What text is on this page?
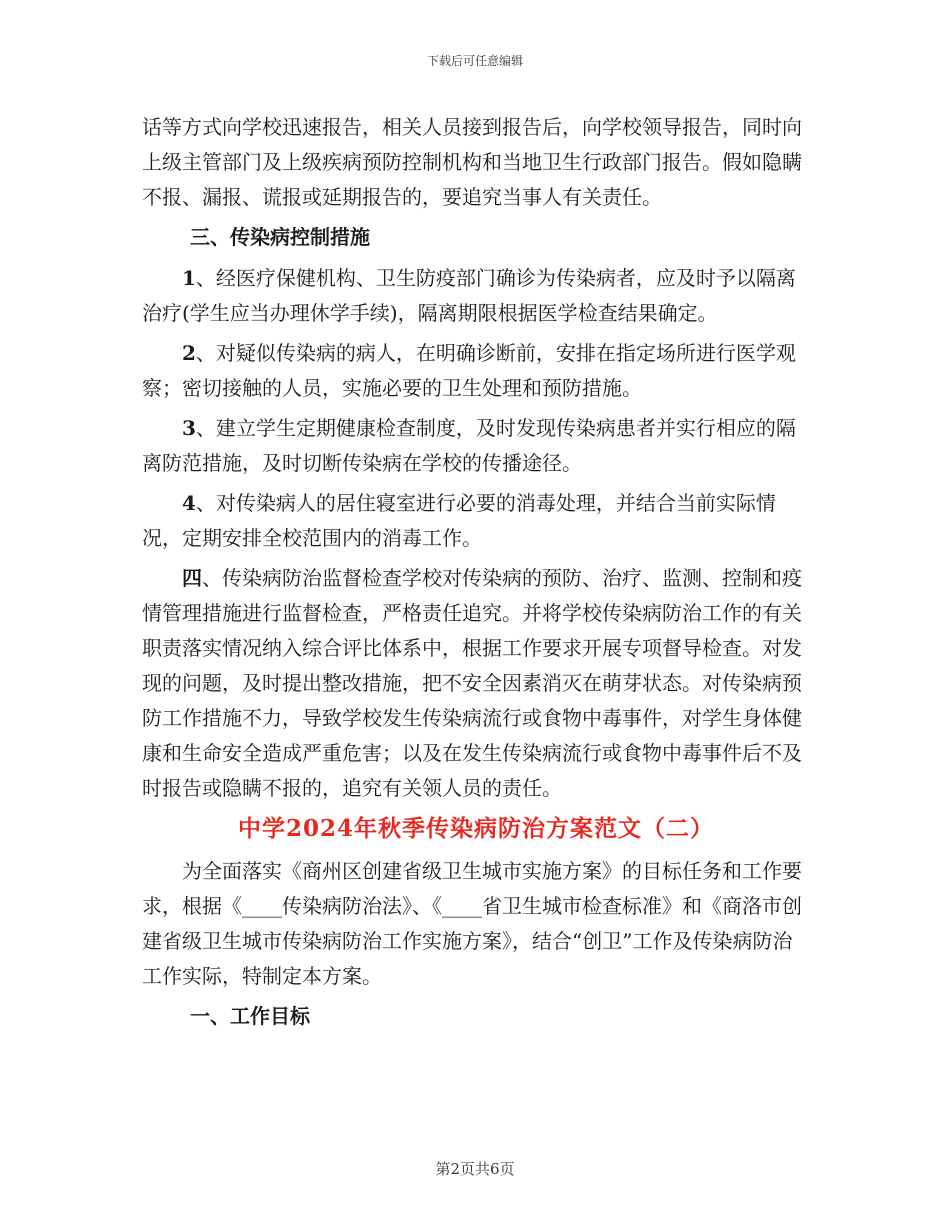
下载后可任意编辑

话等方式向学校迅速报告，相关人员接到报告后，向学校领导报告，同时向上级主管部门及上级疾病预防控制机构和当地卫生行政部门报告。假如隐瞒不报、漏报、谎报或延期报告的，要追究当事人有关责任。

三、传染病控制措施

1、经医疗保健机构、卫生防疫部门确诊为传染病者，应及时予以隔离治疗(学生应当办理休学手续)，隔离期限根据医学检查结果确定。

2、对疑似传染病的病人，在明确诊断前，安排在指定场所进行医学观察；密切接触的人员，实施必要的卫生处理和预防措施。

3、建立学生定期健康检查制度，及时发现传染病患者并实行相应的隔离防范措施，及时切断传染病在学校的传播途径。

4、对传染病人的居住寝室进行必要的消毒处理，并结合当前实际情况，定期安排全校范围内的消毒工作。

四、传染病防治监督检查学校对传染病的预防、治疗、监测、控制和疫情管理措施进行监督检查，严格责任追究。并将学校传染病防治工作的有关职责落实情况纳入综合评比体系中，根据工作要求开展专项督导检查。对发现的问题，及时提出整改措施，把不安全因素消灭在萌芽状态。对传染病预防工作措施不力，导致学校发生传染病流行或食物中毒事件，对学生身体健康和生命安全造成严重危害；以及在发生传染病流行或食物中毒事件后不及时报告或隐瞒不报的，追究有关领人员的责任。

中学2024年秋季传染病防治方案范文（二）

为全面落实《商州区创建省级卫生城市实施方案》的目标任务和工作要求，根据《____传染病防治法》、《____省卫生城市检查标准》和《商洛市创建省级卫生城市传染病防治工作实施方案》，结合“创卫”工作及传染病防治工作实际，特制定本方案。

一、工作目标

第2页共6页
